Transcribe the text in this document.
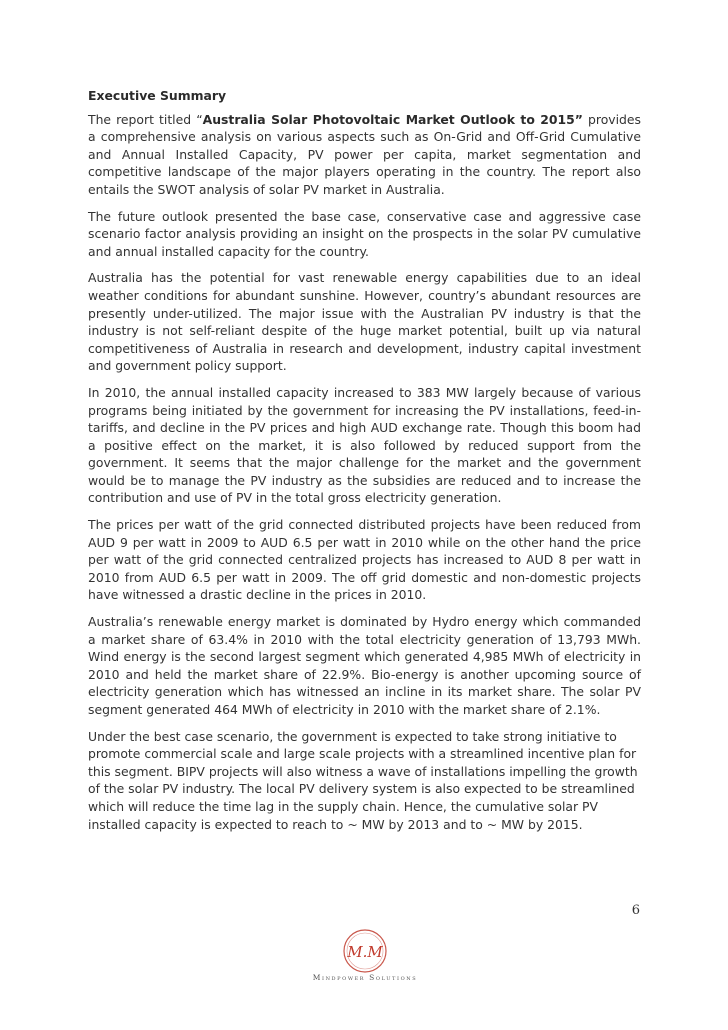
Executive Summary

The report titled “Australia Solar Photovoltaic Market Outlook to 2015” provides a comprehensive analysis on various aspects such as On-Grid and Off-Grid Cumulative and Annual Installed Capacity, PV power per capita, market segmentation and competitive landscape of the major players operating in the country. The report also entails the SWOT analysis of solar PV market in Australia.

The future outlook presented the base case, conservative case and aggressive case scenario factor analysis providing an insight on the prospects in the solar PV cumulative and annual installed capacity for the country.

Australia has the potential for vast renewable energy capabilities due to an ideal weather conditions for abundant sunshine. However, country’s abundant resources are presently under-utilized. The major issue with the Australian PV industry is that the industry is not self-reliant despite of the huge market potential, built up via natural competitiveness of Australia in research and development, industry capital investment and government policy support.

In 2010, the annual installed capacity increased to 383 MW largely because of various programs being initiated by the government for increasing the PV installations, feed-in-tariffs, and decline in the PV prices and high AUD exchange rate. Though this boom had a positive effect on the market, it is also followed by reduced support from the government. It seems that the major challenge for the market and the government would be to manage the PV industry as the subsidies are reduced and to increase the contribution and use of PV in the total gross electricity generation.

The prices per watt of the grid connected distributed projects have been reduced from AUD 9 per watt in 2009 to AUD 6.5 per watt in 2010 while on the other hand the price per watt of the grid connected centralized projects has increased to AUD 8 per watt in 2010 from AUD 6.5 per watt in 2009. The off grid domestic and non-domestic projects have witnessed a drastic decline in the prices in 2010.

Australia’s renewable energy market is dominated by Hydro energy which commanded a market share of 63.4% in 2010 with the total electricity generation of 13,793 MWh. Wind energy is the second largest segment which generated 4,985 MWh of electricity in 2010 and held the market share of 22.9%. Bio-energy is another upcoming source of electricity generation which has witnessed an incline in its market share. The solar PV segment generated 464 MWh of electricity in 2010 with the market share of 2.1%.

Under the best case scenario, the government is expected to take strong initiative to promote commercial scale and large scale projects with a streamlined incentive plan for this segment. BIPV projects will also witness a wave of installations impelling the growth of the solar PV industry. The local PV delivery system is also expected to be streamlined which will reduce the time lag in the supply chain. Hence, the cumulative solar PV installed capacity is expected to reach to ~ MW by 2013 and to ~ MW by 2015.

6
M.M
Mindpower Solutions
